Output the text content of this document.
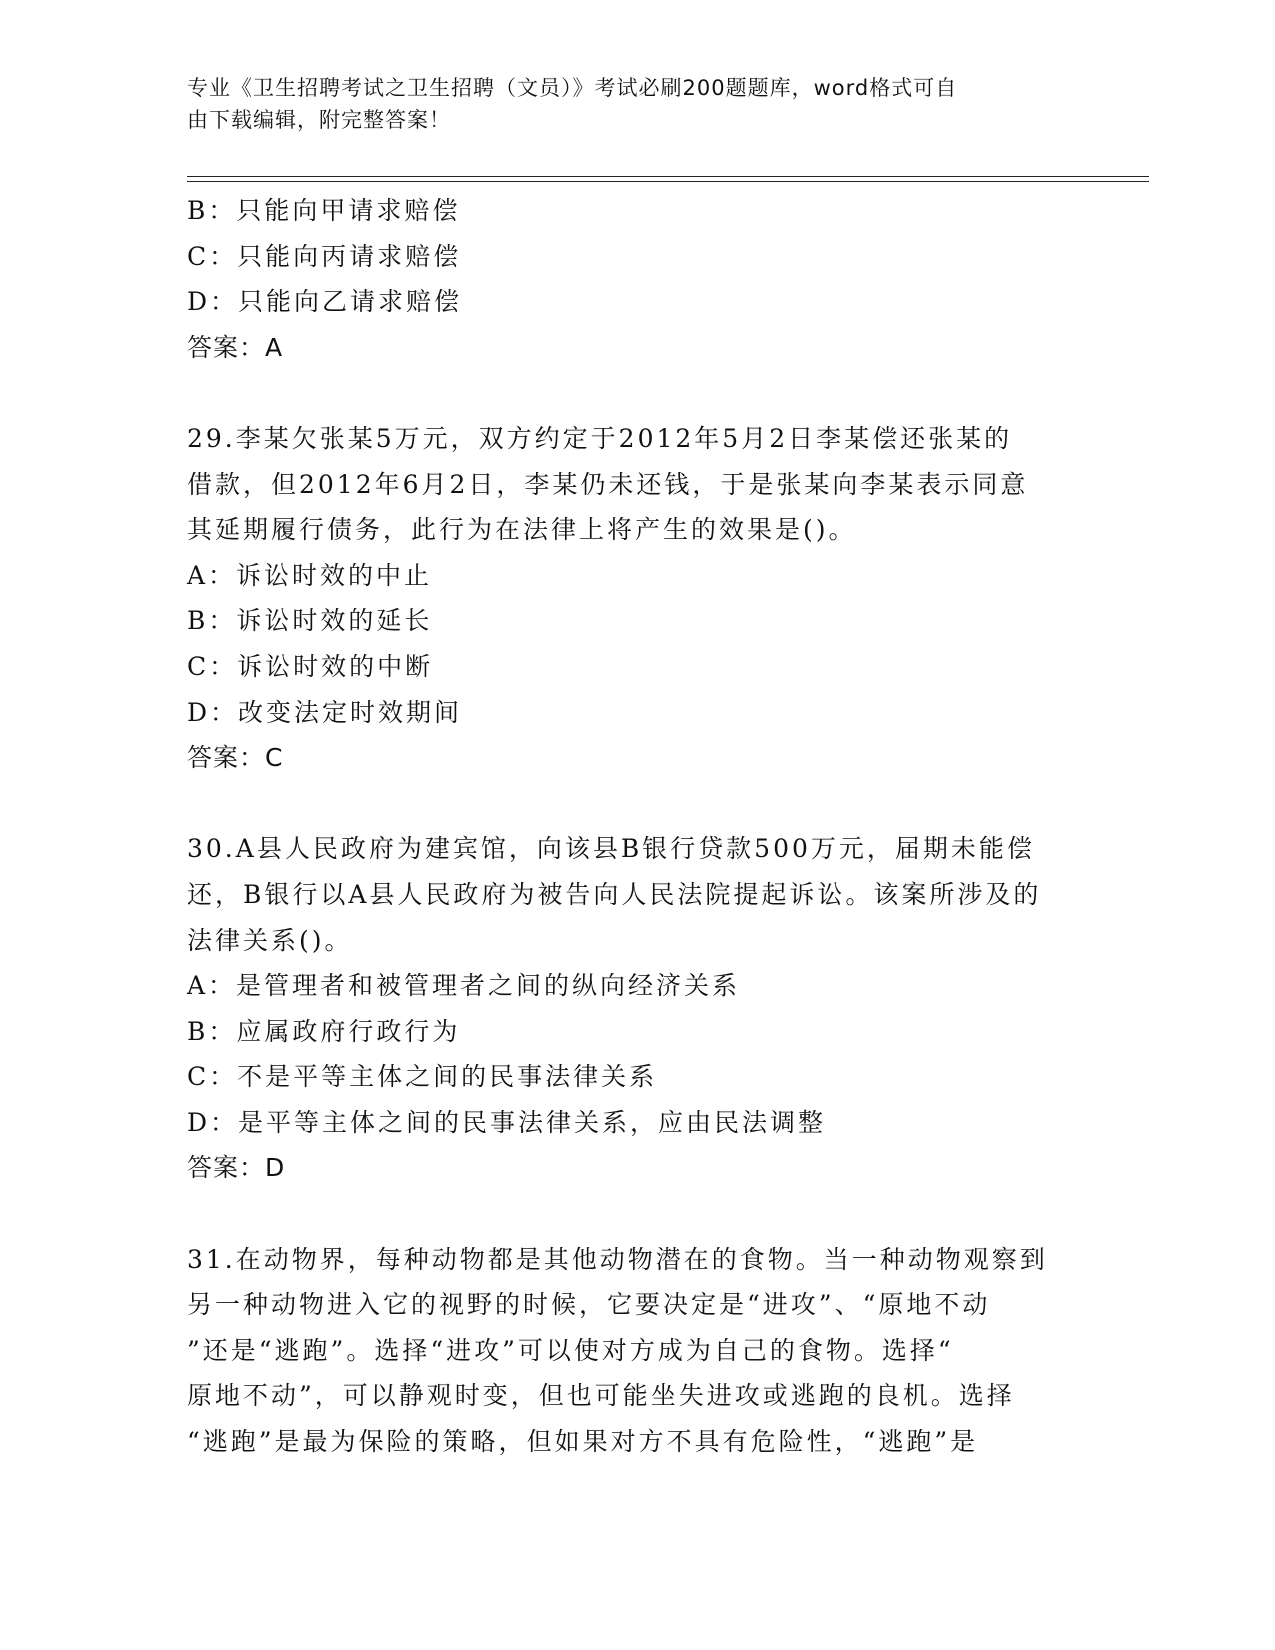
专业《卫生招聘考试之卫生招聘（文员）》考试必刷200题题库，word格式可自
由下载编辑，附完整答案！
B：只能向甲请求赔偿
C：只能向丙请求赔偿
D：只能向乙请求赔偿
答案：A
29.李某欠张某5万元，双方约定于2012年5月2日李某偿还张某的
借款，但2012年6月2日，李某仍未还钱，于是张某向李某表示同意
其延期履行债务，此行为在法律上将产生的效果是()。
A：诉讼时效的中止
B：诉讼时效的延长
C：诉讼时效的中断
D：改变法定时效期间
答案：C
30.A县人民政府为建宾馆，向该县B银行贷款500万元，届期未能偿
还，B银行以A县人民政府为被告向人民法院提起诉讼。该案所涉及的
法律关系()。
A：是管理者和被管理者之间的纵向经济关系
B：应属政府行政行为
C：不是平等主体之间的民事法律关系
D：是平等主体之间的民事法律关系，应由民法调整
答案：D
31.在动物界，每种动物都是其他动物潜在的食物。当一种动物观察到
另一种动物进入它的视野的时候，它要决定是“进攻”、“原地不动
”还是“逃跑”。选择“进攻”可以使对方成为自己的食物。选择“
原地不动”，可以静观时变，但也可能坐失进攻或逃跑的良机。选择
“逃跑”是最为保险的策略，但如果对方不具有危险性，“逃跑”是
